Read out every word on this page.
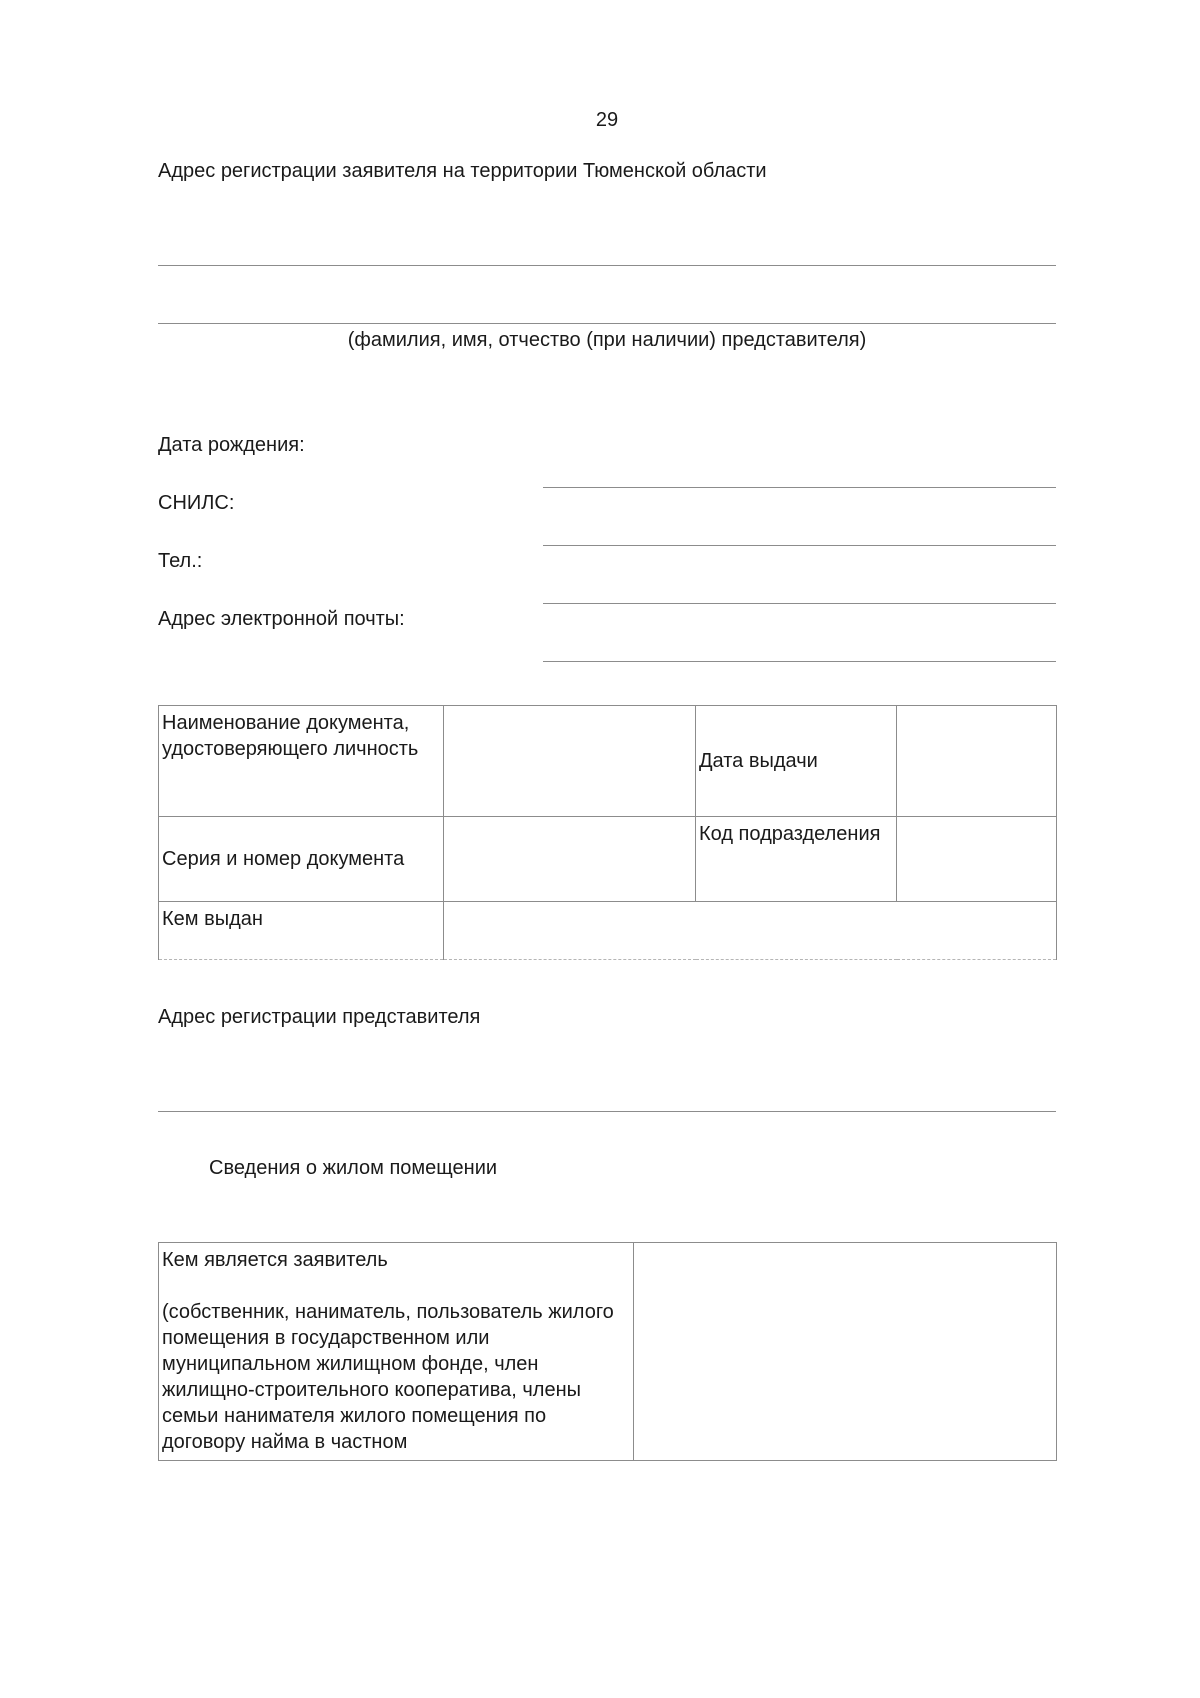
29
Адрес регистрации заявителя на территории Тюменской области
(фамилия, имя, отчество (при наличии) представителя)
Дата рождения:
СНИЛС:
Тел.:
Адрес электронной почты:
Наименование документа, удостоверяющего личность		Дата выдачи	
Серия и номер документа		Код подразделения	
Кем выдан			
Адрес регистрации представителя
Сведения о жилом помещении
Кем является заявитель
(собственник, наниматель, пользователь жилого помещения в государственном или муниципальном жилищном фонде, член жилищно-строительного кооператива, члены семьи нанимателя жилого помещения по договору найма в частном
